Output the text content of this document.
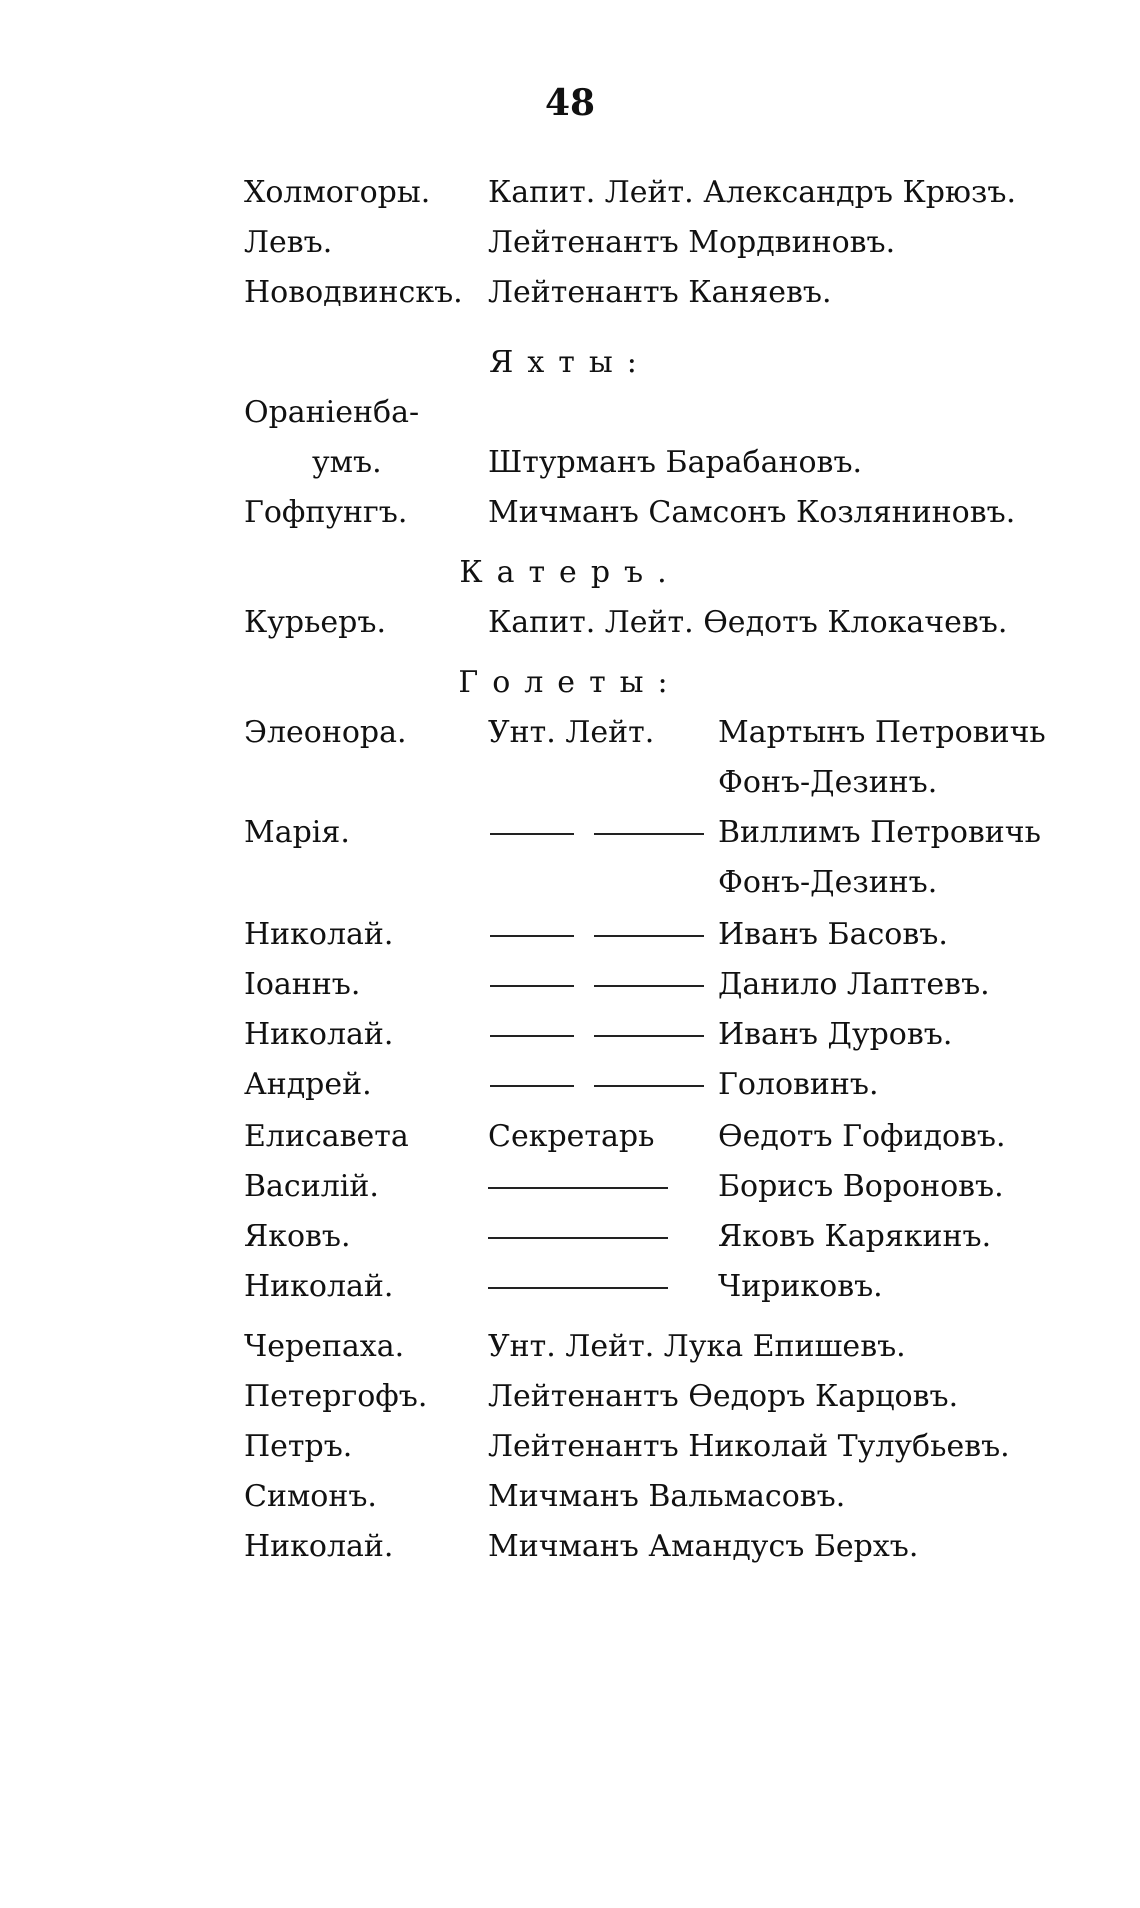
48
Холмогоры. Капит. Лейт. Александръ Крюзъ.
Левъ.	Лейтенантъ Мордвиновъ.
Новодвинскъ. Лейтенантъ Каняевъ.
Яхты:
Ораніенба-
умъ.	Штурманъ Барабановъ.
Гофпунгъ.	Мичманъ Самсонъ Козляниновъ.
Катеръ.
Курьеръ.	Капит. Лейт. Өедотъ Клокачевъ.
Голеты:
Элеонора.	Унт. Лейт. Мартынъ Петровичь
Фонъ-Дезинъ.
Марія.	Виллимъ Петровичь
Фонъ-Дезинъ.
Николай.	Иванъ Басовъ.
Іоаннъ.	Данило Лаптевъ.
Николай.	Иванъ Дуровъ.
Андрей.	Головинъ.
Елисавета	Секретарь Өедотъ Гофидовъ.
Василій.	Борисъ Вороновъ.
Яковъ.	Яковъ Карякинъ.
Николай.	Чириковъ.
Черепаха.	Унт. Лейт. Лука Епишевъ.
Петергофъ. Лейтенантъ Өедоръ Карцовъ.
Петръ.	Лейтенантъ Николай Тулубьевъ.
Симонъ.	Мичманъ Вальмасовъ.
Николай.	Мичманъ Амандусъ Берхъ.
